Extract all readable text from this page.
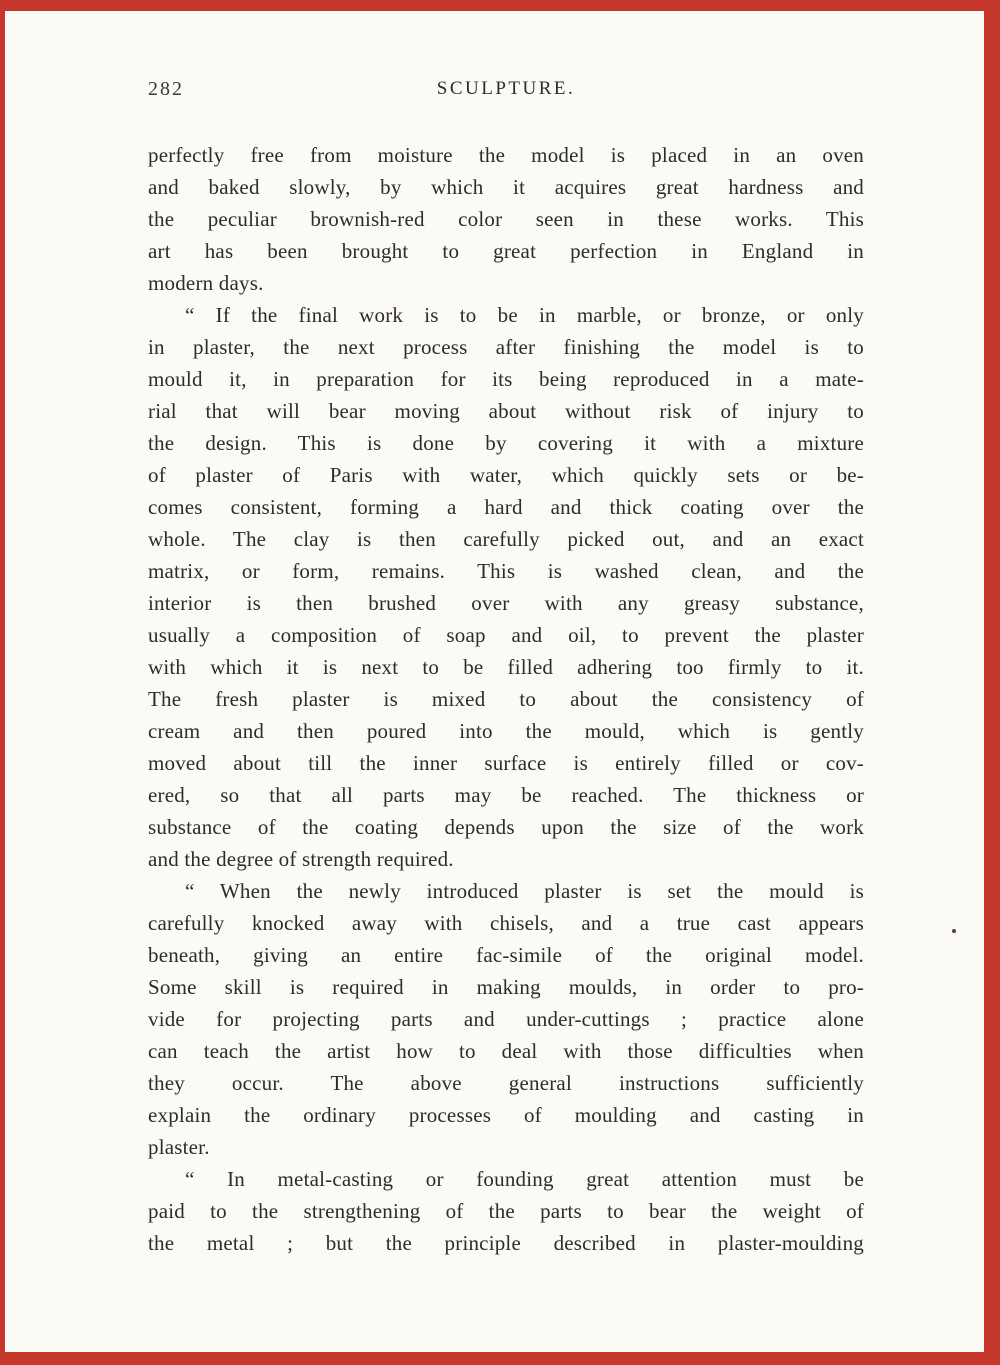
282	SCULPTURE.
perfectly free from moisture the model is placed in an oven
and baked slowly, by which it acquires great hardness and
the peculiar brownish-red color seen in these works. This
art has been brought to great perfection in England in
modern days.
“ If the final work is to be in marble, or bronze, or only
in plaster, the next process after finishing the model is to
mould it, in preparation for its being reproduced in a mate-
rial that will bear moving about without risk of injury to
the design. This is done by covering it with a mixture
of plaster of Paris with water, which quickly sets or be-
comes consistent, forming a hard and thick coating over the
whole. The clay is then carefully picked out, and an exact
matrix, or form, remains. This is washed clean, and the
interior is then brushed over with any greasy substance,
usually a composition of soap and oil, to prevent the plaster
with which it is next to be filled adhering too firmly to it.
The fresh plaster is mixed to about the consistency of
cream and then poured into the mould, which is gently
moved about till the inner surface is entirely filled or cov-
ered, so that all parts may be reached. The thickness or
substance of the coating depends upon the size of the work
and the degree of strength required.
“ When the newly introduced plaster is set the mould is
carefully knocked away with chisels, and a true cast appears
beneath, giving an entire fac-simile of the original model.
Some skill is required in making moulds, in order to pro-
vide for projecting parts and under-cuttings ; practice alone
can teach the artist how to deal with those difficulties when
they occur. The above general instructions sufficiently
explain the ordinary processes of moulding and casting in
plaster.
“ In metal-casting or founding great attention must be
paid to the strengthening of the parts to bear the weight of
the metal ; but the principle described in plaster-moulding
